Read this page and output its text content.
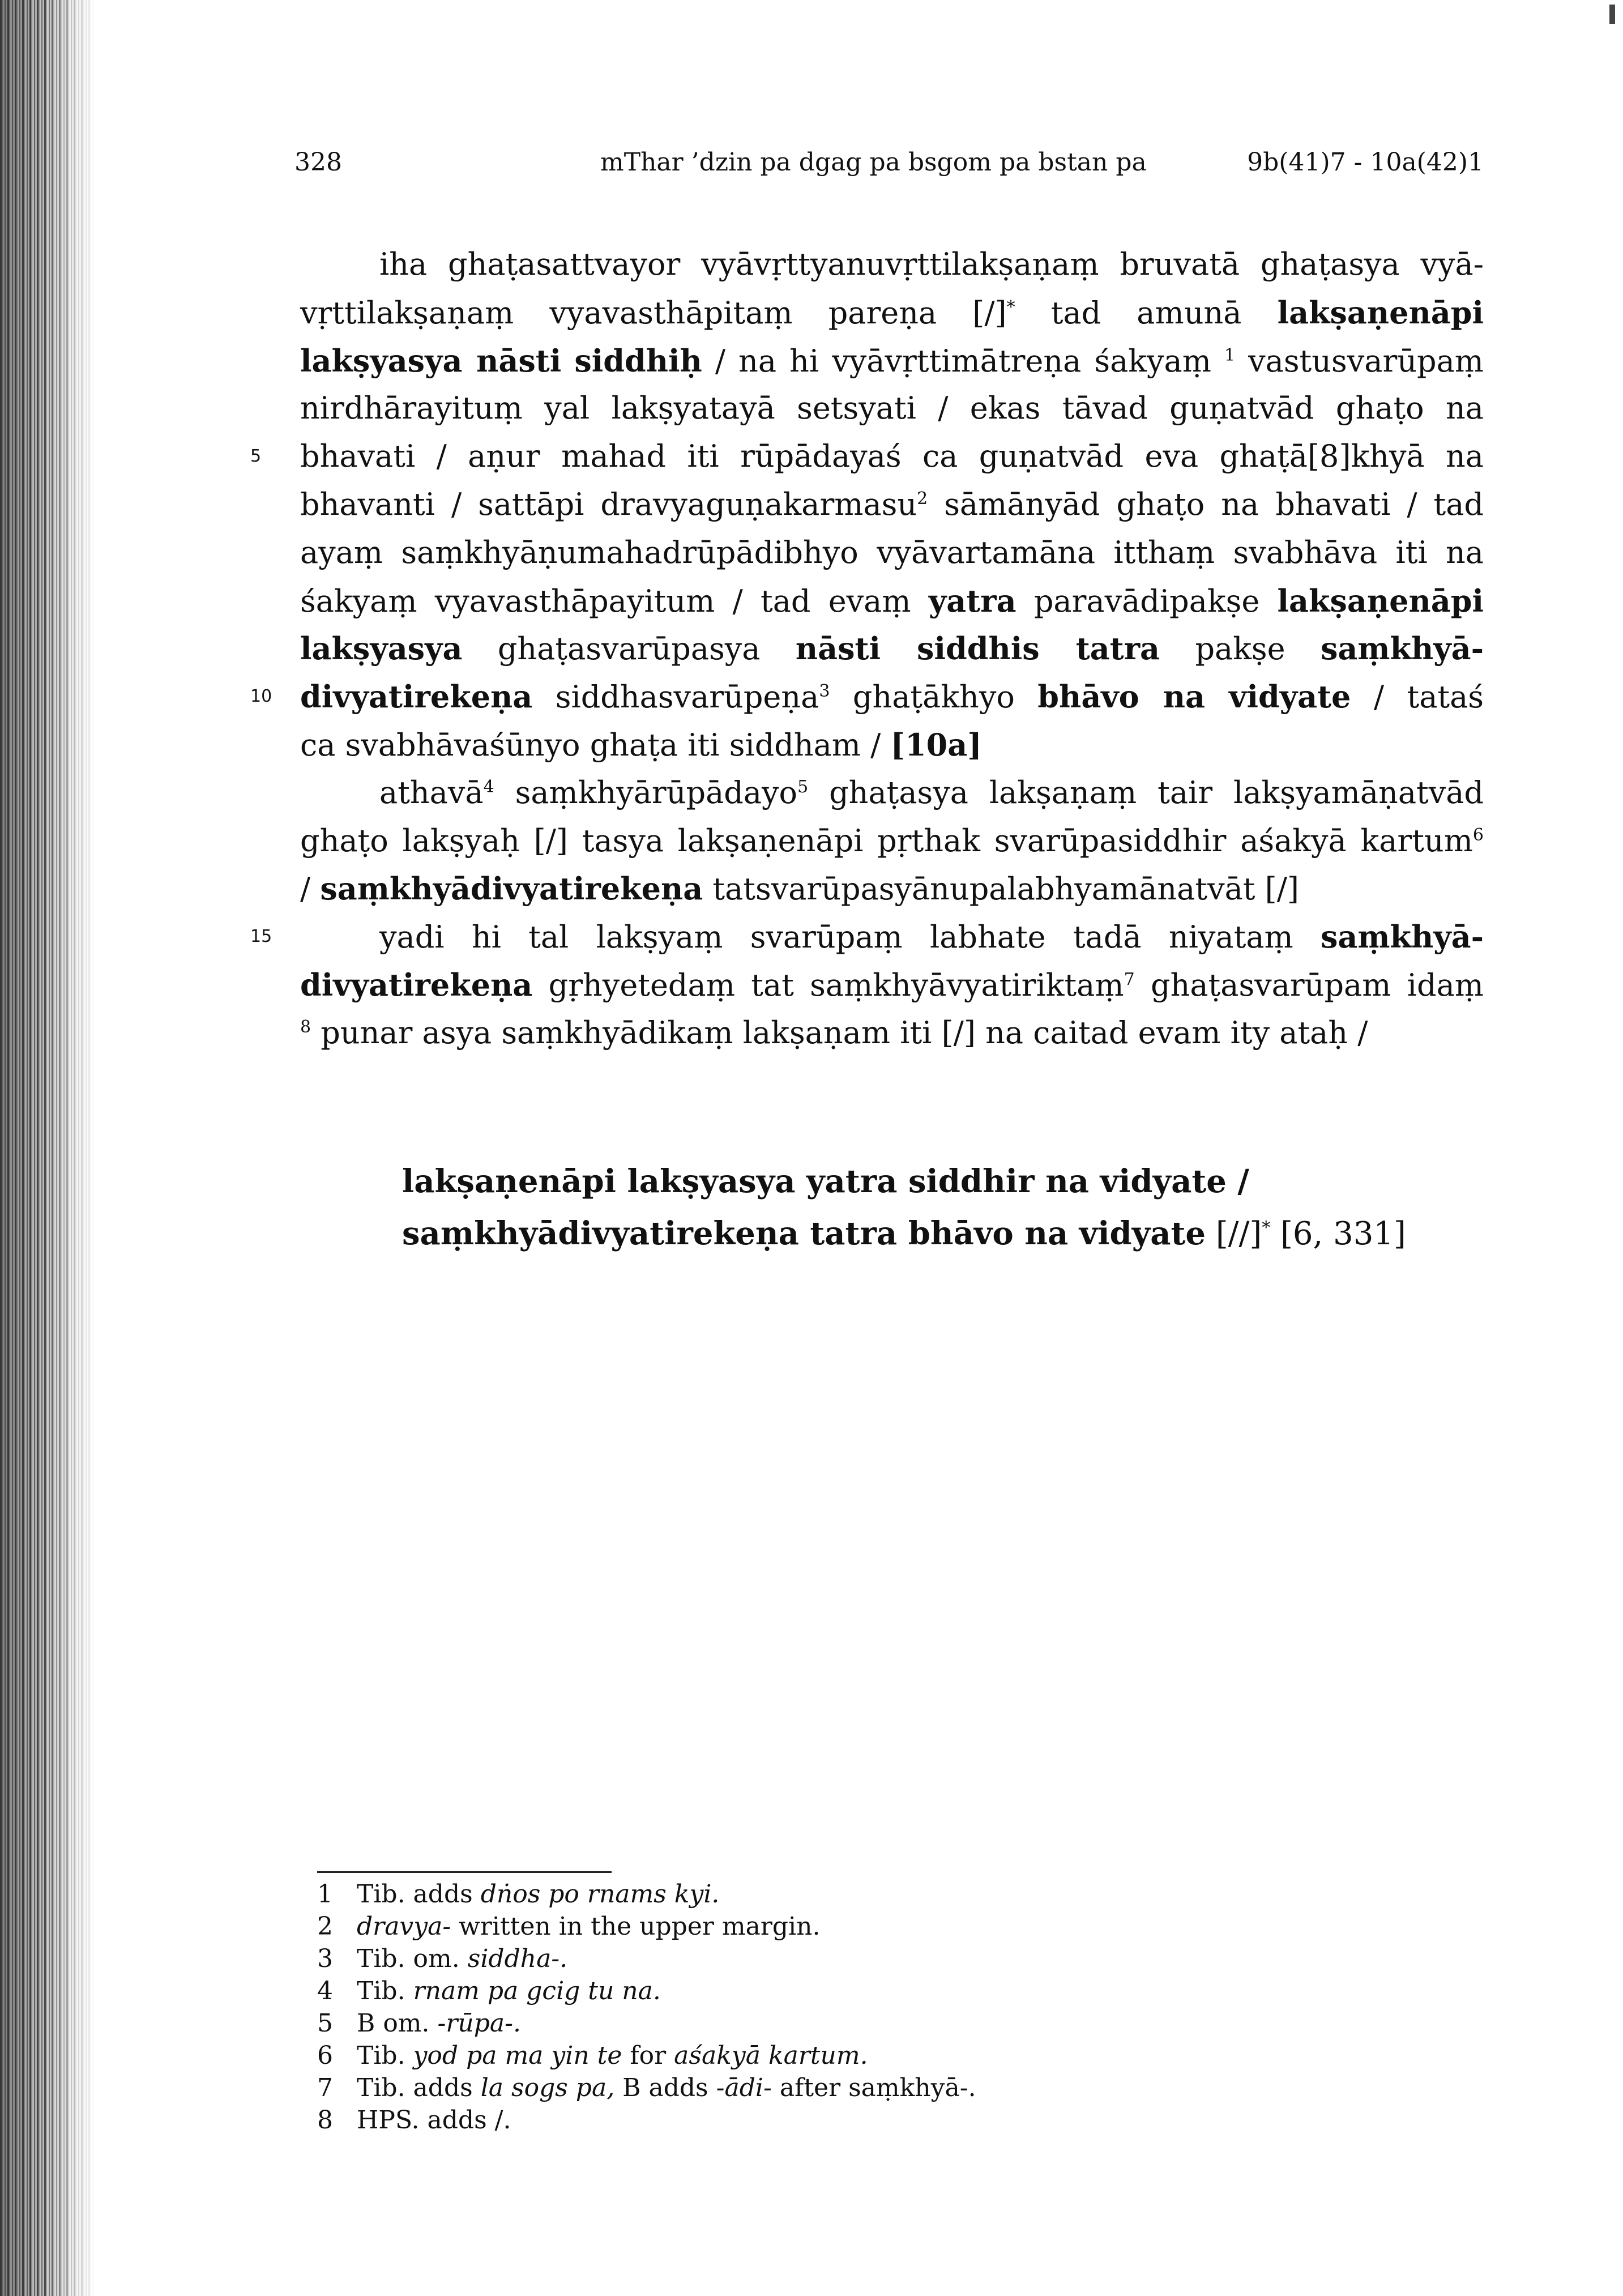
328	mThar ’dzin pa dgag pa bsgom pa bstan pa	9b(41)7 - 10a(42)1
iha ghaṭasattvayor vyāvṛttyanuvṛttilakṣaṇaṃ bruvatā ghaṭasya vyā-
vṛttilakṣaṇaṃ vyavasthāpitaṃ pareṇa [/]* tad amunā lakṣaṇenāpi
lakṣyasya nāsti siddhiḥ / na hi vyāvṛttimātreṇa śakyaṃ $^1$ vastusvarūpaṃ
nirdhārayituṃ yal lakṣyatayā setsyati / ekas tāvad guṇatvād ghaṭo na
5 bhavati / aṇur mahad iti rūpādayaś ca guṇatvād eva ghaṭā[8]khyā na
bhavanti / sattāpi dravyaguṇakarmasu$^2$ sāmānyād ghaṭo na bhavati / tad
ayaṃ saṃkhyāṇumahadrūpādibhyo vyāvartamāna itthaṃ svabhāva iti na
śakyaṃ vyavasthāpayitum / tad evaṃ yatra paravādipakṣe lakṣaṇenāpi
lakṣyasya ghaṭasvarūpasya nāsti siddhis tatra pakṣe saṃkhyā-
10 divyatirekeṇa siddhasvarūpeṇa$^3$ ghaṭākhyo bhāvo na vidyate / tataś
ca svabhāvaśūnyo ghaṭa iti siddham / [10a]
athavā$^4$ saṃkhyārūpādayo$^5$ ghaṭasya lakṣaṇaṃ tair lakṣyamāṇatvād
ghaṭo lakṣyaḥ [/] tasya lakṣaṇenāpi pṛthak svarūpasiddhir aśakyā kartum$^6$
/ saṃkhyādivyatirekeṇa tatsvarūpasyānupalabhyamānatvāt [/]
15	yadi hi tal lakṣyaṃ svarūpaṃ labhate tadā niyataṃ saṃkhyā-
divyatirekeṇa gṛhyetedaṃ tat saṃkhyāvyatiriktaṃ$^7$ ghaṭasvarūpam idaṃ
$^8$ punar asya saṃkhyādikaṃ lakṣaṇam iti [/] na caitad evam ity ataḥ /
lakṣaṇenāpi lakṣyasya yatra siddhir na vidyate /
saṃkhyādivyatirekeṇa tatra bhāvo na vidyate [//]* [6, 331]
1 Tib. adds dṅos po rnams kyi.
2 dravya- written in the upper margin.
3 Tib. om. siddha-.
4 Tib. rnam pa gcig tu na.
5 B om. -rūpa-.
6 Tib. yod pa ma yin te for aśakyā kartum.
7 Tib. adds la sogs pa, B adds -ādi- after saṃkhyā-.
8 HPS. adds /.
